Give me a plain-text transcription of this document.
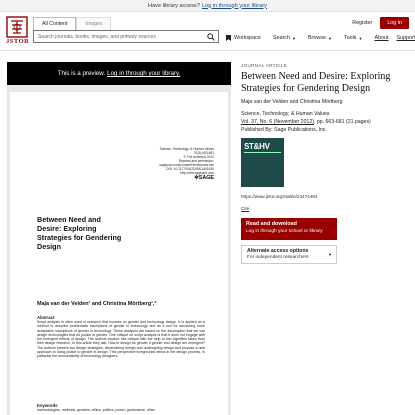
Have library access? Log in through your library
JSTOR
All Content	Images
Search journals, books, images, and primary sources
Register	Log in
Workspace Search ▼ Browse ▼ Tools ▼ About Support
This is a preview. Log in through your library.
Science, Technology, & Human Values
37(6) 653-681
© The Author(s) 2012
Reprints and permission:
sagepub.com/journalsPermissions.nav
DOI: 10.1177/0162243911401630
http://sthv.sagepub.com
✲SAGE
Between Need and Desire: Exploring Strategies for Gendering Design
Maja van der Velden¹ and Christina Mörtberg¹,²
Abstract
Script analysis is often used in research that focuses on gender and technology design. It is applied as a method to describe problematic inscriptions of gender in technology and as a tool for advancing more acceptable inscriptions of gender in technology. These analyses are based on the assumption that we can design technologies that do justice to gender. One critique on script analysis is that it does not engage with the emergent effects of design. The authors explore this critique with the help of two vignettes taken from their design research. In this article they ask: How to design for gender if gender and design are emergent? The authors present two design strategies, dependering design and undesigning design and propose a new approach to doing justice to gender in design. This perspective foregrounds ethics in the design process, in particular the accountability of technology designers.
Keywords
methodologies, methods, genders, ethics, politics, power, governance, other
JOURNAL ARTICLE
Between Need and Desire: Exploring Strategies for Gendering Design
Maja van der Velden and Christina Mörtberg
Science, Technology, & Human Values
Vol. 37, No. 6 (November 2012), pp. 663-681 (21 pages)
Published By: Sage Publications, Inc.
ST&HV
https://www.jstor.org/stable/23474484
Cite
Read and download
Log in through your school or library
Alternate access options
For independent researchers
▼
